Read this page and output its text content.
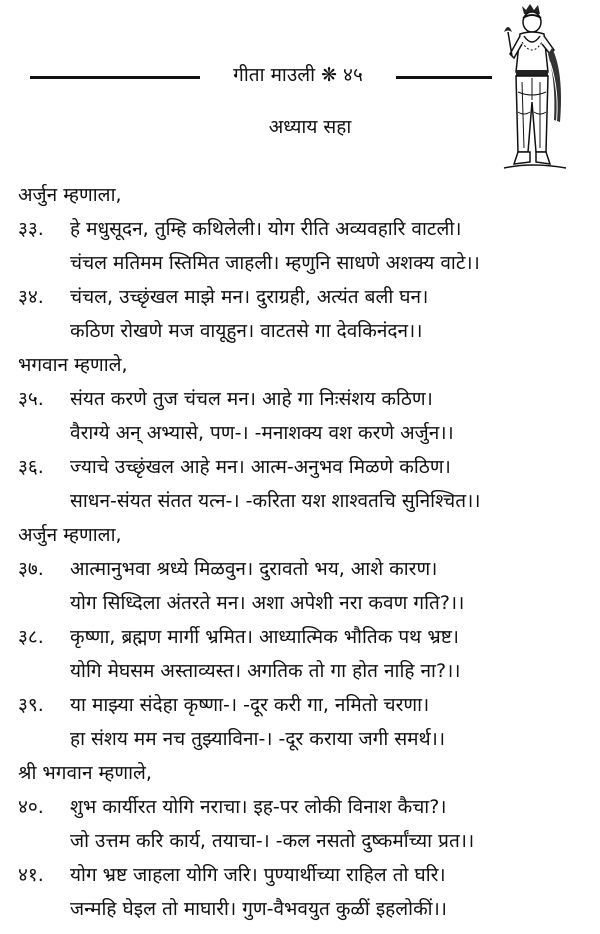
गीता माउली ❋ ४५
अध्याय सहा
अर्जुन म्हणाला,
३३. हे मधुसूदन, तुम्हि कथिलेली। योग रीति अव्यवहारि वाटली।
चंचल मतिमम स्तिमित जाहली। म्हणुनि साधणे अशक्य वाटे।।
३४. चंचल, उच्छृंखल माझे मन। दुराग्रही, अत्यंत बली घन।
कठिण रोखणे मज वायूहुन। वाटतसे गा देवकिनंदन।।
भगवान म्हणाले,
३५. संयत करणे तुज चंचल मन। आहे गा निःसंशय कठिण।
वैराग्ये अन् अभ्यासे, पण-। -मनाशक्य वश करणे अर्जुन।।
३६. ज्याचे उच्छृंखल आहे मन। आत्म-अनुभव मिळणे कठिण।
साधन-संयत संतत यत्न-। -करिता यश शाश्वतचि सुनिश्चित।।
अर्जुन म्हणाला,
३७. आत्मानुभवा श्रध्ये मिळवुन। दुरावतो भय, आशे कारण।
योग सिध्दिला अंतरते मन। अशा अपेशी नरा कवण गति?।।
३८. कृष्णा, ब्रह्मण मार्गी भ्रमित। आध्यात्मिक भौतिक पथ भ्रष्ट।
योगि मेघसम अस्ताव्यस्त। अगतिक तो गा होत नाहि ना?।।
३९. या माझ्या संदेहा कृष्णा-। -दूर करी गा, नमितो चरणा।
हा संशय मम नच तुझ्याविना-। -दूर कराया जगी समर्थ।।
श्री भगवान म्हणाले,
४०. शुभ कार्यीरत योगि नराचा। इह-पर लोकी विनाश कैचा?।
जो उत्तम करि कार्य, तयाचा-। -कल नसतो दुष्कर्मांच्या प्रत।।
४१. योग भ्रष्ट जाहला योगि जरि। पुण्यार्थीच्या राहिल तो घरि।
जन्महि घेइल तो माघारी। गुण-वैभवयुत कुळीं इहलोकीं।।
